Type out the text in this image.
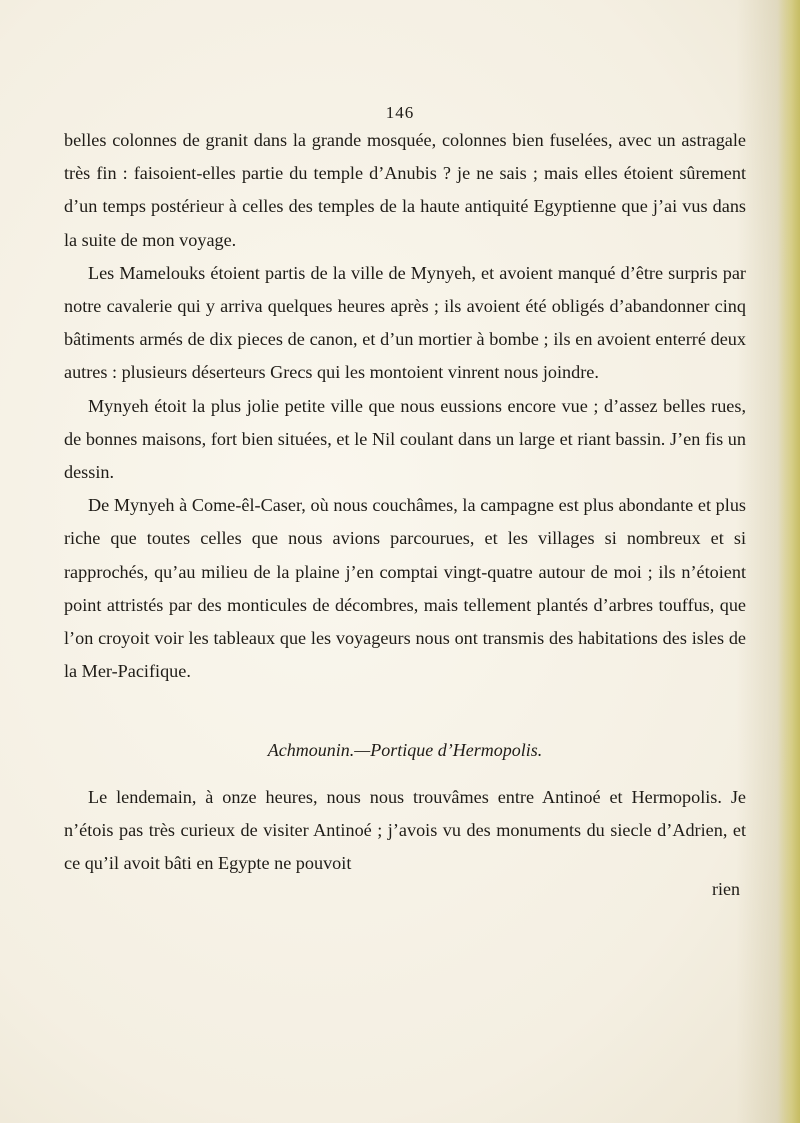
146

belles colonnes de granit dans la grande mosquée, colonnes bien fuselées, avec un astragale très fin : faisoient-elles partie du temple d’Anubis ? je ne sais ; mais elles étoient sûrement d’un temps postérieur à celles des temples de la haute antiquité Egyptienne que j’ai vus dans la suite de mon voyage.

Les Mamelouks étoient partis de la ville de Mynyeh, et avoient manqué d’être surpris par notre cavalerie qui y arriva quelques heures après ; ils avoient été obligés d’abandonner cinq bâtiments armés de dix pieces de canon, et d’un mortier à bombe ; ils en avoient enterré deux autres : plusieurs déserteurs Grecs qui les montoient vinrent nous joindre.

Mynyeh étoit la plus jolie petite ville que nous eussions encore vue ; d’assez belles rues, de bonnes maisons, fort bien situées, et le Nil coulant dans un large et riant bassin. J’en fis un dessin.

De Mynyeh à Come-êl-Caser, où nous couchâmes, la campagne est plus abondante et plus riche que toutes celles que nous avions parcourues, et les villages si nombreux et si rapprochés, qu’au milieu de la plaine j’en comptai vingt-quatre autour de moi ; ils n’étoient point attristés par des monticules de décombres, mais tellement plantés d’arbres touffus, que l’on croyoit voir les tableaux que les voyageurs nous ont transmis des habitations des isles de la Mer-Pacifique.

Achmounin.—Portique d’Hermopolis.

Le lendemain, à onze heures, nous nous trouvâmes entre Antinoé et Hermopolis. Je n’étois pas très curieux de visiter Antinoé ; j’avois vu des monuments du siecle d’Adrien, et ce qu’il avoit bâti en Egypte ne pouvoit

rien
